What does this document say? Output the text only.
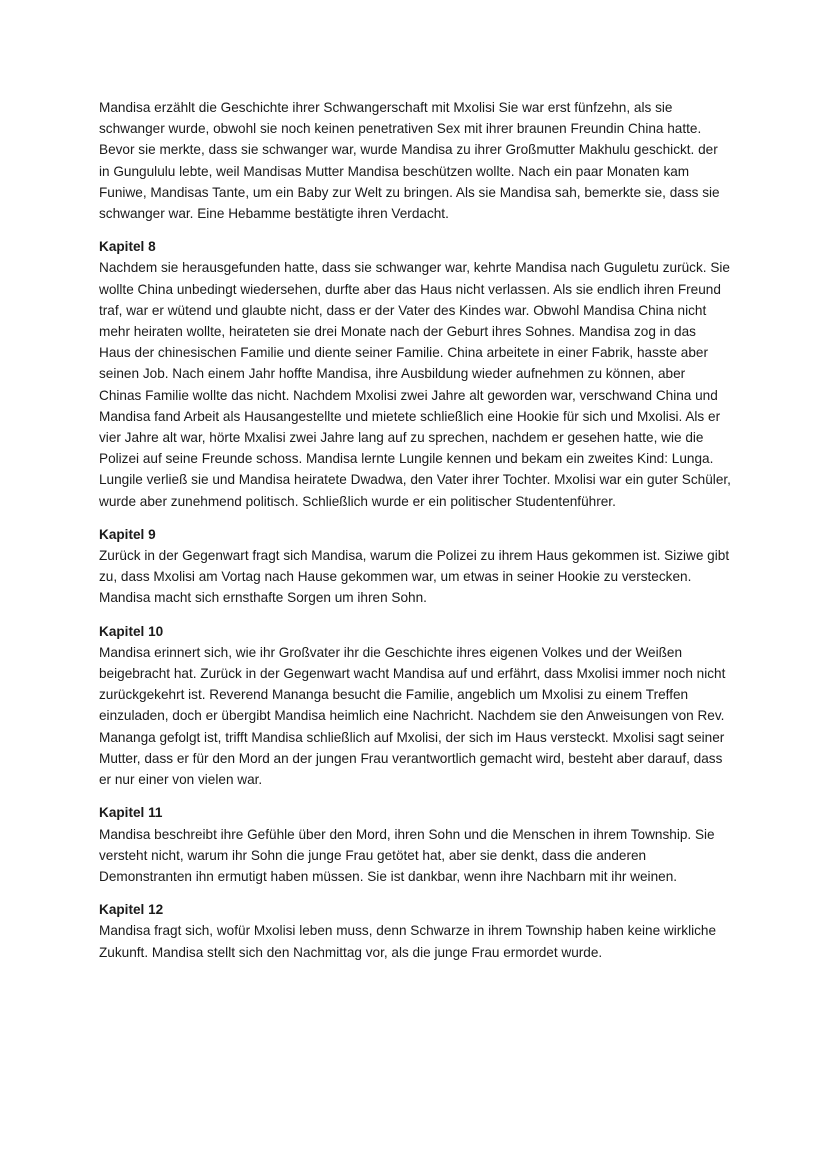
Mandisa erzählt die Geschichte ihrer Schwangerschaft mit Mxolisi Sie war erst fünfzehn, als sie schwanger wurde, obwohl sie noch keinen penetrativen Sex mit ihrer braunen Freundin China hatte. Bevor sie merkte, dass sie schwanger war, wurde Mandisa zu ihrer Großmutter Makhulu geschickt. der in Gungululu lebte, weil Mandisas Mutter Mandisa beschützen wollte. Nach ein paar Monaten kam Funiwe, Mandisas Tante, um ein Baby zur Welt zu bringen. Als sie Mandisa sah, bemerkte sie, dass sie schwanger war. Eine Hebamme bestätigte ihren Verdacht.

Kapitel 8

Nachdem sie herausgefunden hatte, dass sie schwanger war, kehrte Mandisa nach Guguletu zurück. Sie wollte China unbedingt wiedersehen, durfte aber das Haus nicht verlassen. Als sie endlich ihren Freund traf, war er wütend und glaubte nicht, dass er der Vater des Kindes war. Obwohl Mandisa China nicht mehr heiraten wollte, heirateten sie drei Monate nach der Geburt ihres Sohnes. Mandisa zog in das Haus der chinesischen Familie und diente seiner Familie. China arbeitete in einer Fabrik, hasste aber seinen Job. Nach einem Jahr hoffte Mandisa, ihre Ausbildung wieder aufnehmen zu können, aber Chinas Familie wollte das nicht. Nachdem Mxolisi zwei Jahre alt geworden war, verschwand China und Mandisa fand Arbeit als Hausangestellte und mietete schließlich eine Hookie für sich und Mxolisi. Als er vier Jahre alt war, hörte Mxalisi zwei Jahre lang auf zu sprechen, nachdem er gesehen hatte, wie die Polizei auf seine Freunde schoss. Mandisa lernte Lungile kennen und bekam ein zweites Kind: Lunga. Lungile verließ sie und Mandisa heiratete Dwadwa, den Vater ihrer Tochter. Mxolisi war ein guter Schüler, wurde aber zunehmend politisch. Schließlich wurde er ein politischer Studentenführer.

Kapitel 9

Zurück in der Gegenwart fragt sich Mandisa, warum die Polizei zu ihrem Haus gekommen ist. Siziwe gibt zu, dass Mxolisi am Vortag nach Hause gekommen war, um etwas in seiner Hookie zu verstecken. Mandisa macht sich ernsthafte Sorgen um ihren Sohn.

Kapitel 10

Mandisa erinnert sich, wie ihr Großvater ihr die Geschichte ihres eigenen Volkes und der Weißen beigebracht hat. Zurück in der Gegenwart wacht Mandisa auf und erfährt, dass Mxolisi immer noch nicht zurückgekehrt ist. Reverend Mananga besucht die Familie, angeblich um Mxolisi zu einem Treffen einzuladen, doch er übergibt Mandisa heimlich eine Nachricht. Nachdem sie den Anweisungen von Rev. Mananga gefolgt ist, trifft Mandisa schließlich auf Mxolisi, der sich im Haus versteckt. Mxolisi sagt seiner Mutter, dass er für den Mord an der jungen Frau verantwortlich gemacht wird, besteht aber darauf, dass er nur einer von vielen war.

Kapitel 11

Mandisa beschreibt ihre Gefühle über den Mord, ihren Sohn und die Menschen in ihrem Township. Sie versteht nicht, warum ihr Sohn die junge Frau getötet hat, aber sie denkt, dass die anderen Demonstranten ihn ermutigt haben müssen. Sie ist dankbar, wenn ihre Nachbarn mit ihr weinen.

Kapitel 12

Mandisa fragt sich, wofür Mxolisi leben muss, denn Schwarze in ihrem Township haben keine wirkliche Zukunft. Mandisa stellt sich den Nachmittag vor, als die junge Frau ermordet wurde.
